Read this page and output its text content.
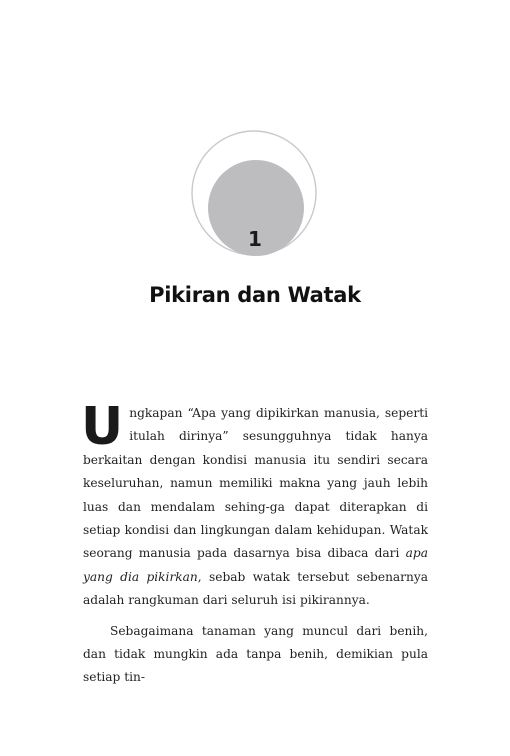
1
Pikiran dan Watak

Ungkapan “Apa yang dipikirkan manusia, seperti itulah dirinya” sesungguhnya tidak hanya berkaitan dengan kondisi manusia itu sendiri secara keseluruhan, namun memiliki makna yang jauh lebih luas dan mendalam sehing-ga dapat diterapkan di setiap kondisi dan lingkungan dalam kehidupan. Watak seorang manusia pada dasarnya bisa dibaca dari apa yang dia pikirkan, sebab watak tersebut sebenarnya adalah rangkuman dari seluruh isi pikirannya.

Sebagaimana tanaman yang muncul dari benih, dan tidak mungkin ada tanpa benih, demikian pula setiap tin-
